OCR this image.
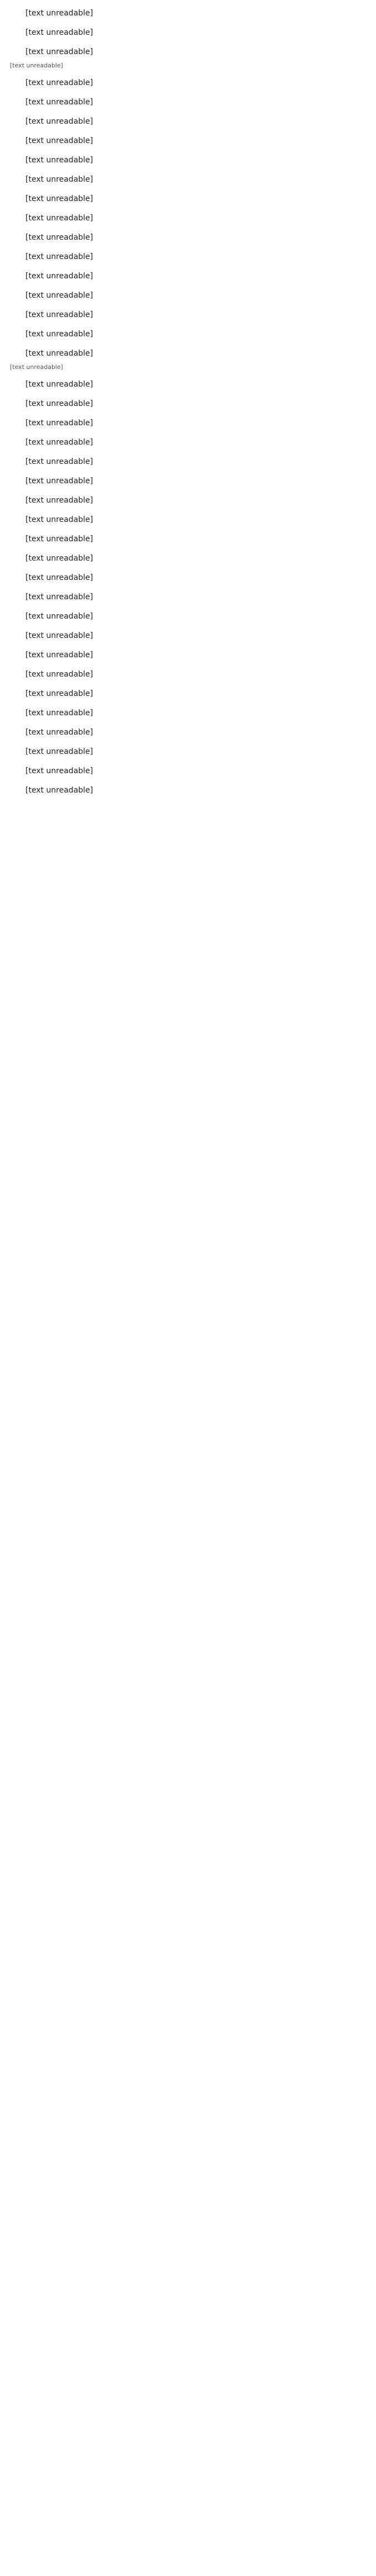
[text unreadable]

[text unreadable]

[text unreadable]

[text unreadable]

[text unreadable]

[text unreadable]

[text unreadable]

[text unreadable]

[text unreadable]

[text unreadable]

[text unreadable]

[text unreadable]

[text unreadable]

[text unreadable]

[text unreadable]

[text unreadable]

[text unreadable]

[text unreadable]

[text unreadable]

[text unreadable]

[text unreadable]

[text unreadable]

[text unreadable]

[text unreadable]

[text unreadable]

[text unreadable]

[text unreadable]

[text unreadable]

[text unreadable]

[text unreadable]

[text unreadable]

[text unreadable]

[text unreadable]

[text unreadable]

[text unreadable]

[text unreadable]

[text unreadable]

[text unreadable]

[text unreadable]

[text unreadable]

[text unreadable]

[text unreadable]
